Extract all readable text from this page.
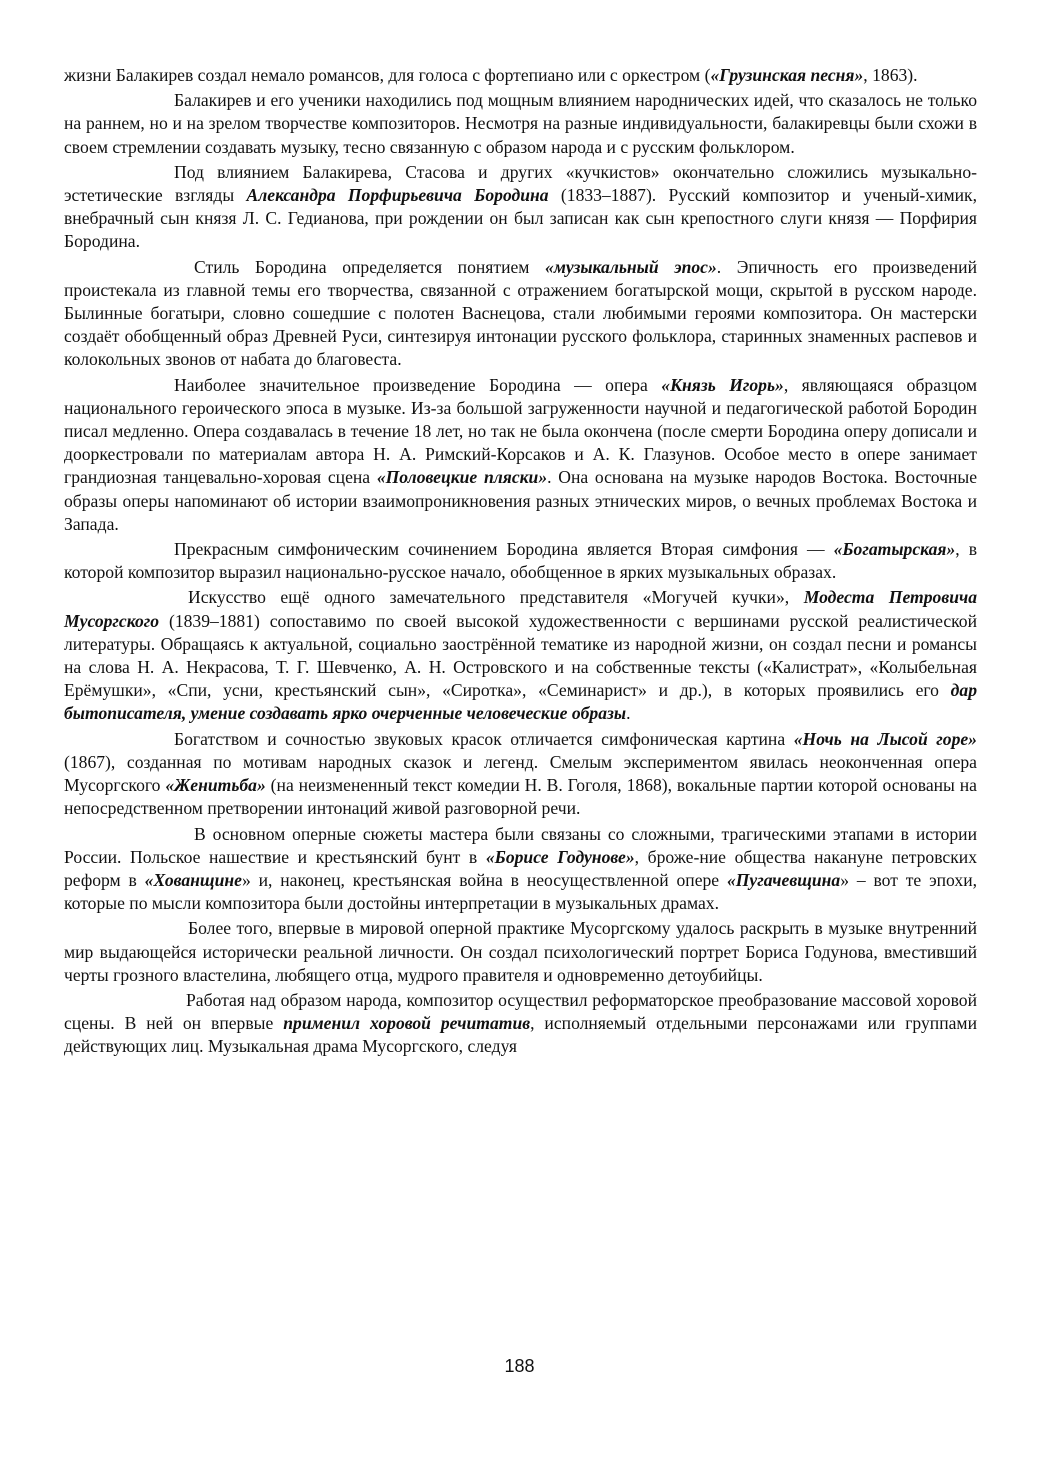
жизни Балакирев создал немало романсов, для голоса с фортепиано или с оркестром («Грузинская песня», 1863).

Балакирев и его ученики находились под мощным влиянием народнических идей, что сказалось не только на раннем, но и на зрелом творчестве композиторов. Несмотря на разные индивидуальности, балакиревцы были схожи в своем стремлении создавать музыку, тесно связанную с образом народа и с русским фольклором.

Под влиянием Балакирева, Стасова и других «кучкистов» окончательно сложились музыкально-эстетические взгляды Александра Порфирьевича Бородина (1833–1887). Русский композитор и ученый-химик, внебрачный сын князя Л. С. Гедианова, при рождении он был записан как сын крепостного слуги князя — Порфирия Бородина.

Стиль Бородина определяется понятием «музыкальный эпос». Эпичность его произведений проистекала из главной темы его творчества, связанной с отражением богатырской мощи, скрытой в русском народе. Былинные богатыри, словно сошедшие с полотен Васнецова, стали любимыми героями композитора. Он мастерски создаёт обобщенный образ Древней Руси, синтезируя интонации русского фольклора, старинных знаменных распевов и колокольных звонов от набата до благовеста.

Наиболее значительное произведение Бородина — опера «Князь Игорь», являющаяся образцом национального героического эпоса в музыке. Из-за большой загруженности научной и педагогической работой Бородин писал медленно. Опера создавалась в течение 18 лет, но так не была окончена (после смерти Бородина оперу дописали и дооркестровали по материалам автора Н. А. Римский-Корсаков и А. К. Глазунов. Особое место в опере занимает грандиозная танцевально-хоровая сцена «Половецкие пляски». Она основана на музыке народов Востока. Восточные образы оперы напоминают об истории взаимопроникновения разных этнических миров, о вечных проблемах Востока и Запада.

Прекрасным симфоническим сочинением Бородина является Вторая симфония — «Богатырская», в которой композитор выразил национально-русское начало, обобщенное в ярких музыкальных образах.

Искусство ещё одного замечательного представителя «Могучей кучки», Модеста Петровича Мусоргского (1839–1881) сопоставимо по своей высокой художественности с вершинами русской реалистической литературы. Обращаясь к актуальной, социально заострённой тематике из народной жизни, он создал песни и романсы на слова Н. А. Некрасова, Т. Г. Шевченко, А. Н. Островского и на собственные тексты («Калистрат», «Колыбельная Ерёмушки», «Спи, усни, крестьянский сын», «Сиротка», «Семинарист» и др.), в которых проявились его дар бытописателя, умение создавать ярко очерченные человеческие образы.

Богатством и сочностью звуковых красок отличается симфоническая картина «Ночь на Лысой горе» (1867), созданная по мотивам народных сказок и легенд. Смелым экспериментом явилась неоконченная опера Мусоргского «Женитьба» (на неизмененный текст комедии Н. В. Гоголя, 1868), вокальные партии которой основаны на непосредственном претворении интонаций живой разговорной речи.

В основном оперные сюжеты мастера были связаны со сложными, трагическими этапами в истории России. Польское нашествие и крестьянский бунт в «Борисе Годунове», броже-ние общества накануне петровских реформ в «Хованщине» и, наконец, крестьянская война в неосуществленной опере «Пугачевщина» – вот те эпохи, которые по мысли композитора были достойны интерпретации в музыкальных драмах.

Более того, впервые в мировой оперной практике Мусоргскому удалось раскрыть в музыке внутренний мир выдающейся исторически реальной личности. Он создал психологический портрет Бориса Годунова, вместивший черты грозного властелина, любящего отца, мудрого правителя и одновременно детоубийцы.

Работая над образом народа, композитор осуществил реформаторское преобразование массовой хоровой сцены. В ней он впервые применил хоровой речитатив, исполняемый отдельными персонажами или группами действующих лиц. Музыкальная драма Мусоргского, следуя

188
